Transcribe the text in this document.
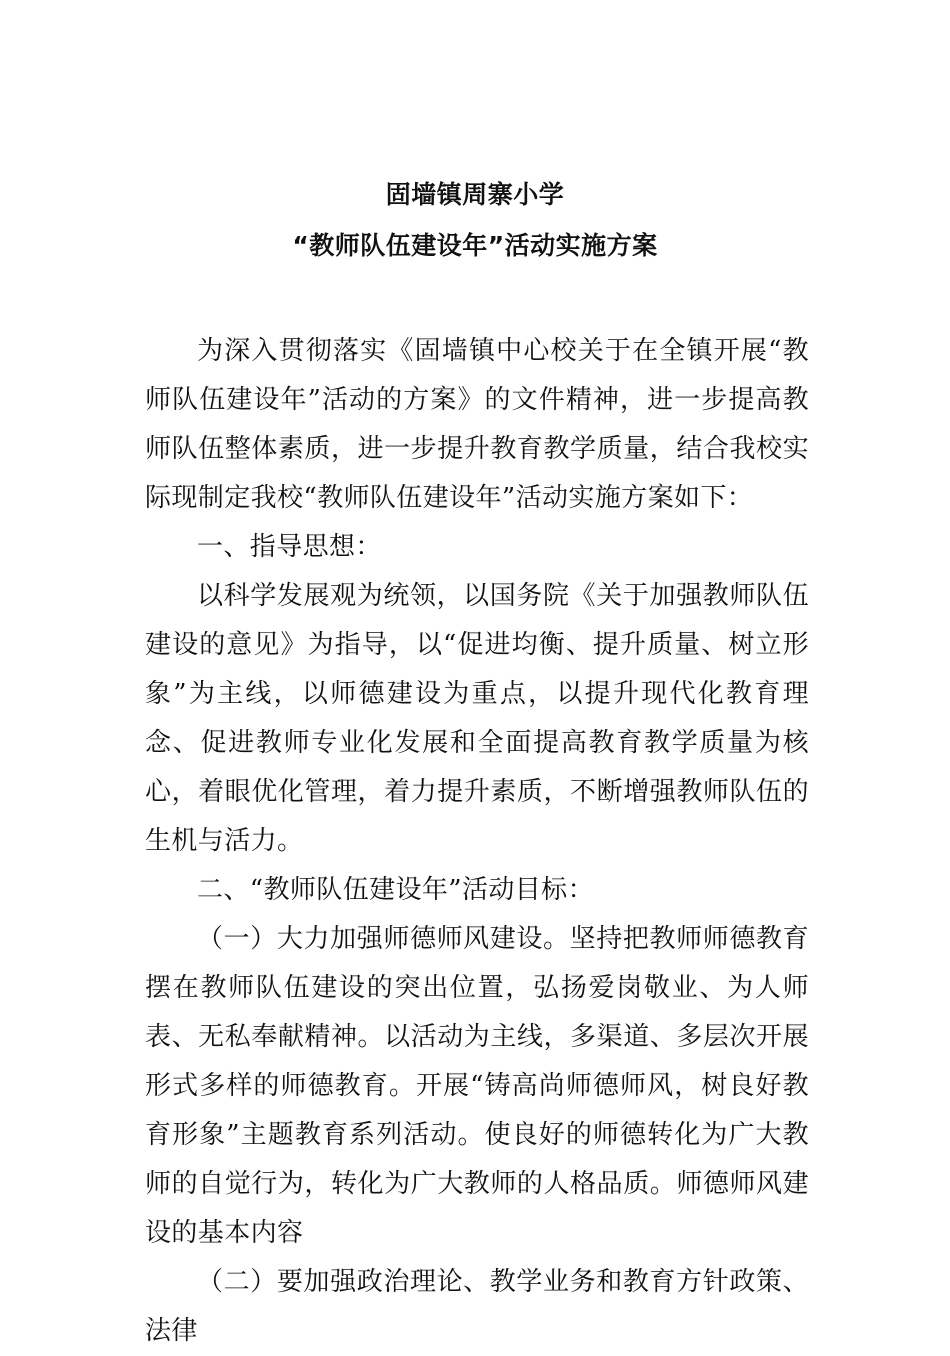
固墙镇周寨小学

“教师队伍建设年”活动实施方案

为深入贯彻落实《固墙镇中心校关于在全镇开展“教师队伍建设年”活动的方案》的文件精神，进一步提高教师队伍整体素质，进一步提升教育教学质量，结合我校实际现制定我校“教师队伍建设年”活动实施方案如下：

一、指导思想：

以科学发展观为统领，以国务院《关于加强教师队伍建设的意见》为指导，以“促进均衡、提升质量、树立形象”为主线，以师德建设为重点，以提升现代化教育理念、促进教师专业化发展和全面提高教育教学质量为核心，着眼优化管理，着力提升素质，不断增强教师队伍的生机与活力。

二、“教师队伍建设年”活动目标：

（一）大力加强师德师风建设。坚持把教师师德教育摆在教师队伍建设的突出位置，弘扬爱岗敬业、为人师表、无私奉献精神。以活动为主线，多渠道、多层次开展形式多样的师德教育。开展“铸高尚师德师风，树良好教育形象”主题教育系列活动。使良好的师德转化为广大教师的自觉行为，转化为广大教师的人格品质。师德师风建设的基本内容

（二）要加强政治理论、教学业务和教育方针政策、法律
